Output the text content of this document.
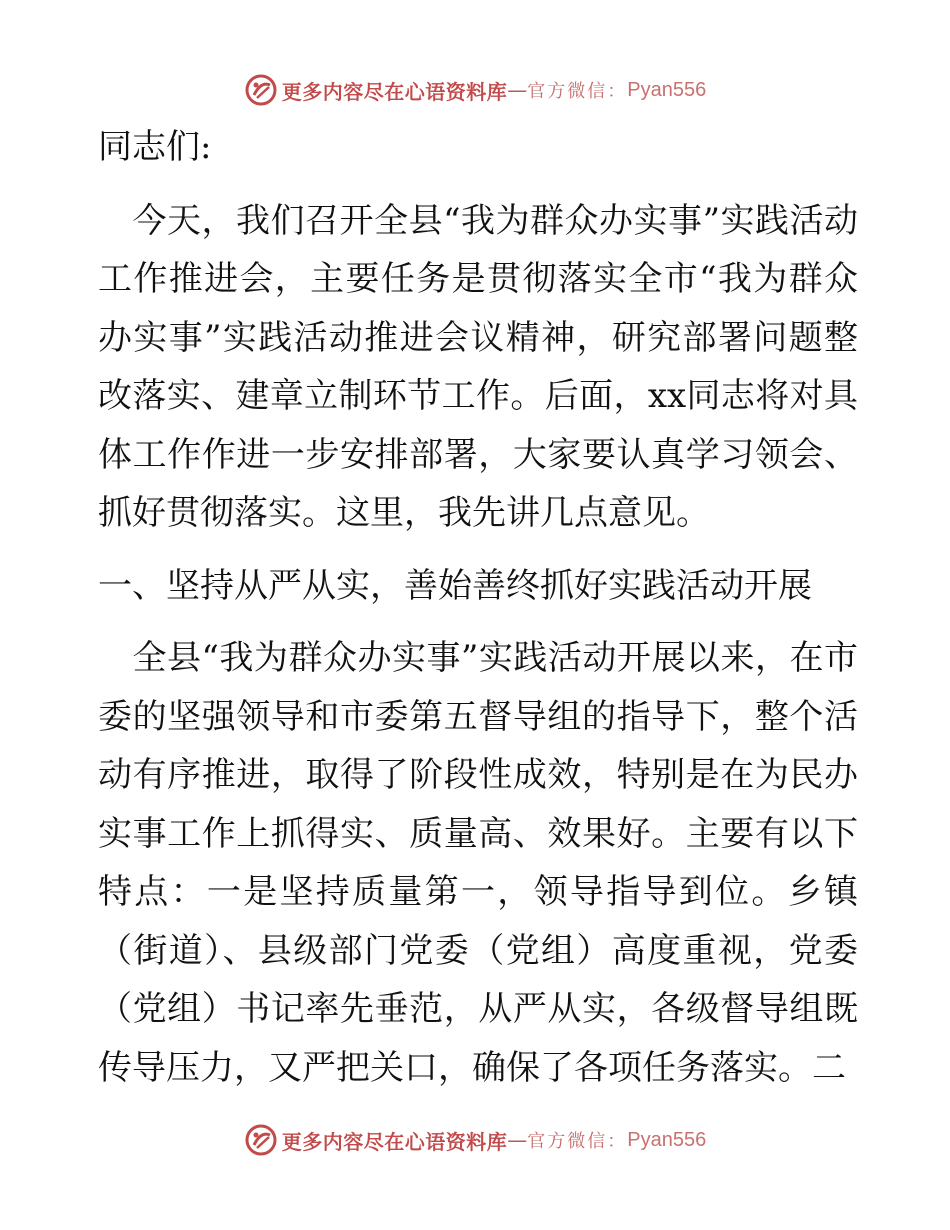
更多内容尽在心语资料库 — 官方微信： Pyan556

同志们:

　今天，我们召开全县“我为群众办实事”实践活动工作推进会，主要任务是贯彻落实全市“我为群众办实事”实践活动推进会议精神，研究部署问题整改落实、建章立制环节工作。后面，xx同志将对具体工作作进一步安排部署，大家要认真学习领会、抓好贯彻落实。这里，我先讲几点意见。

一、坚持从严从实，善始善终抓好实践活动开展

　全县“我为群众办实事”实践活动开展以来，在市委的坚强领导和市委第五督导组的指导下，整个活动有序推进，取得了阶段性成效，特别是在为民办实事工作上抓得实、质量高、效果好。主要有以下特点：一是坚持质量第一，领导指导到位。乡镇（街道）、县级部门党委（党组）高度重视，党委（党组）书记率先垂范，从严从实，各级督导组既传导压力，又严把关口，确保了各项任务落实。二

更多内容尽在心语资料库 — 官方微信： Pyan556
